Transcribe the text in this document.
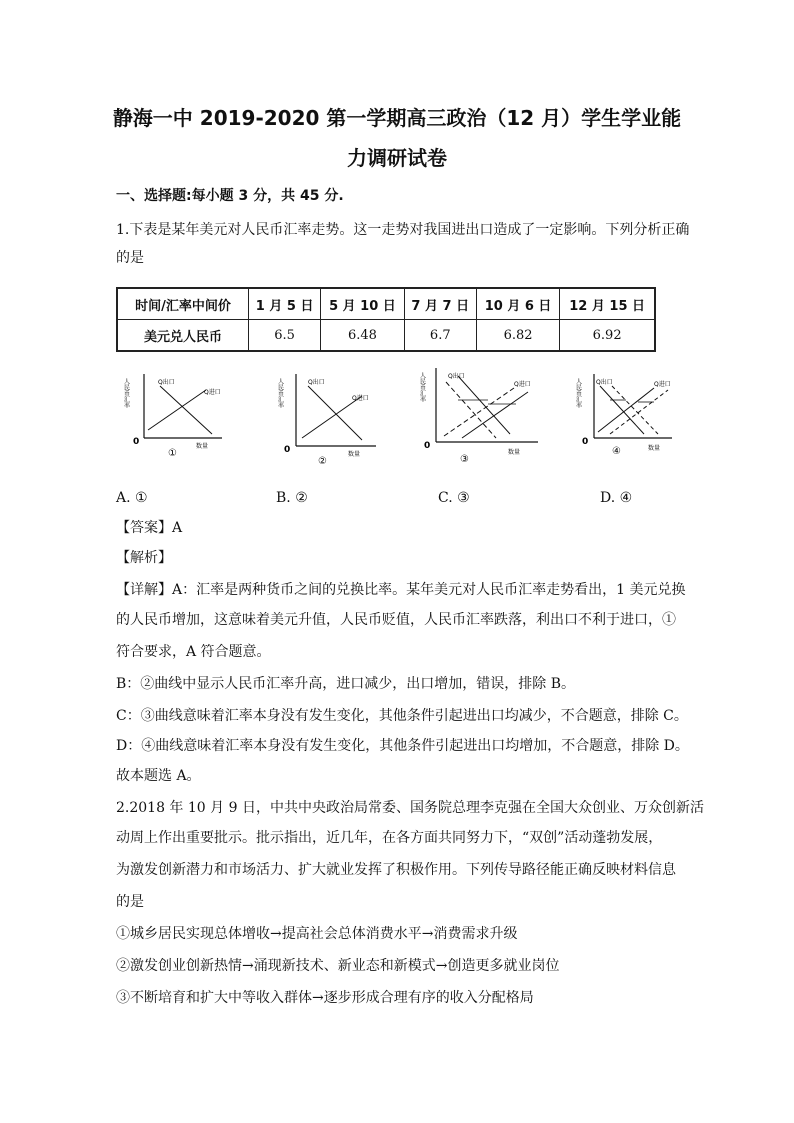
静海一中 2019-2020 第一学期高三政治（12 月）学生学业能
力调研试卷
一、选择题:每小题 3 分，共 45 分.
1.下表是某年美元对人民币汇率走势。这一走势对我国进出口造成了一定影响。下列分析正确
的是
时间/汇率中间价	1 月 5 日	5 月 10 日	7 月 7 日	10 月 6 日	12 月 15 日
美元兑人民币	6.5	6.48	6.7	6.82	6.92
人民币汇率
0	数量
Q出口
Q进口
①
人民币汇率
0	数量
Q出口
Q进口
②
人民币汇率
0
数量
Q出口
Q进口
③
人民币汇率
0
数量
Q出口	Q进口
④
A. ①	B. ②	C. ③	D. ④
【答案】A
【解析】
【详解】A：汇率是两种货币之间的兑换比率。某年美元对人民币汇率走势看出，1 美元兑换
的人民币增加，这意味着美元升值，人民币贬值，人民币汇率跌落，利出口不利于进口，①
符合要求，A 符合题意。
B：②曲线中显示人民币汇率升高，进口减少，出口增加，错误，排除 B。
C：③曲线意味着汇率本身没有发生变化，其他条件引起进出口均减少，不合题意，排除 C。
D：④曲线意味着汇率本身没有发生变化，其他条件引起进出口均增加，不合题意，排除 D。
故本题选 A。
2.2018 年 10 月 9 日，中共中央政治局常委、国务院总理李克强在全国大众创业、万众创新活
动周上作出重要批示。批示指出，近几年，在各方面共同努力下，“双创”活动蓬勃发展，
为激发创新潜力和市场活力、扩大就业发挥了积极作用。下列传导路径能正确反映材料信息
的是
①城乡居民实现总体增收→提高社会总体消费水平→消费需求升级
②激发创业创新热情→涌现新技术、新业态和新模式→创造更多就业岗位
③不断培育和扩大中等收入群体→逐步形成合理有序的收入分配格局
